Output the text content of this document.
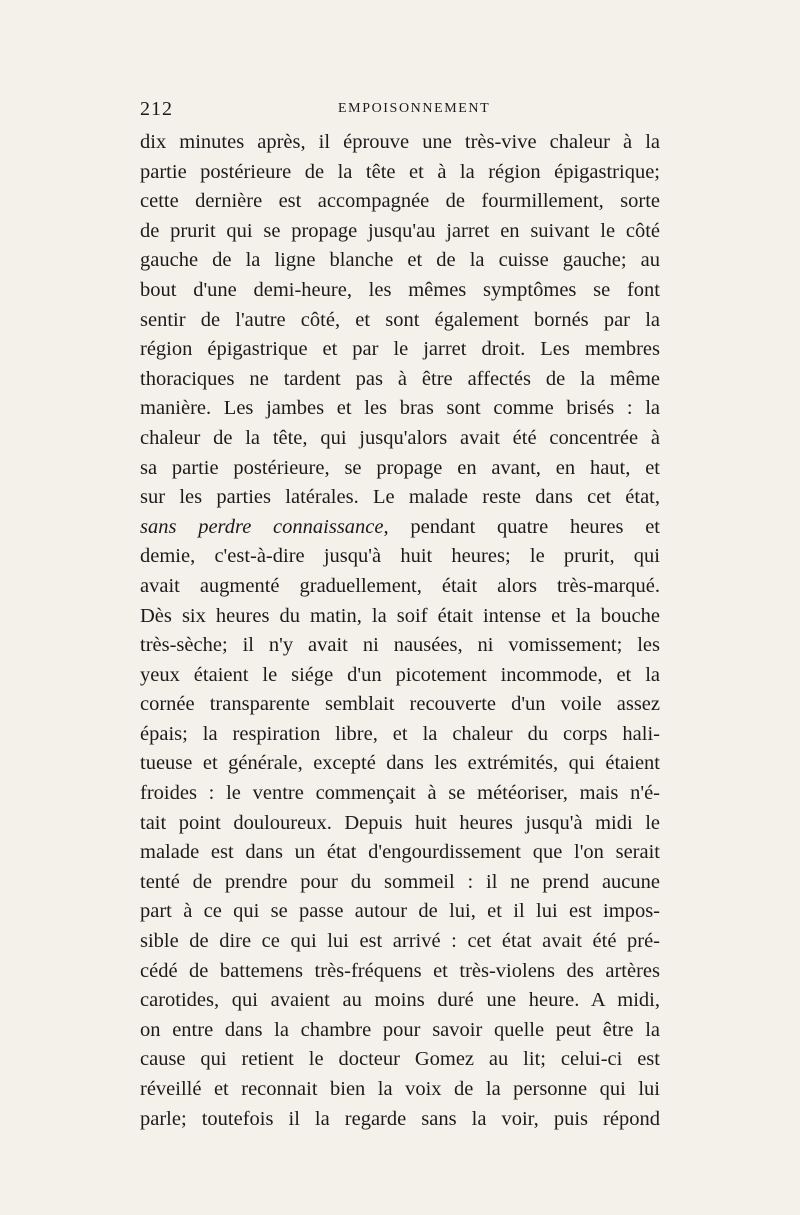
212	EMPOISONNEMENT
dix minutes après, il éprouve une très-vive chaleur à la
partie postérieure de la tête et à la région épigastrique;
cette dernière est accompagnée de fourmillement, sorte
de prurit qui se propage jusqu'au jarret en suivant le côté
gauche de la ligne blanche et de la cuisse gauche; au
bout d'une demi-heure, les mêmes symptômes se font
sentir de l'autre côté, et sont également bornés par la
région épigastrique et par le jarret droit. Les membres
thoraciques ne tardent pas à être affectés de la même
manière. Les jambes et les bras sont comme brisés : la
chaleur de la tête, qui jusqu'alors avait été concentrée à
sa partie postérieure, se propage en avant, en haut, et
sur les parties latérales. Le malade reste dans cet état,
sans perdre connaissance, pendant quatre heures et
demie, c'est-à-dire jusqu'à huit heures; le prurit, qui
avait augmenté graduellement, était alors très-marqué.
Dès six heures du matin, la soif était intense et la bouche
très-sèche; il n'y avait ni nausées, ni vomissement; les
yeux étaient le siége d'un picotement incommode, et la
cornée transparente semblait recouverte d'un voile assez
épais; la respiration libre, et la chaleur du corps hali-
tueuse et générale, excepté dans les extrémités, qui étaient
froides : le ventre commençait à se météoriser, mais n'é-
tait point douloureux. Depuis huit heures jusqu'à midi le
malade est dans un état d'engourdissement que l'on serait
tenté de prendre pour du sommeil : il ne prend aucune
part à ce qui se passe autour de lui, et il lui est impos-
sible de dire ce qui lui est arrivé : cet état avait été pré-
cédé de battemens très-fréquens et très-violens des artères
carotides, qui avaient au moins duré une heure. A midi,
on entre dans la chambre pour savoir quelle peut être la
cause qui retient le docteur Gomez au lit; celui-ci est
réveillé et reconnait bien la voix de la personne qui lui
parle; toutefois il la regarde sans la voir, puis répond
